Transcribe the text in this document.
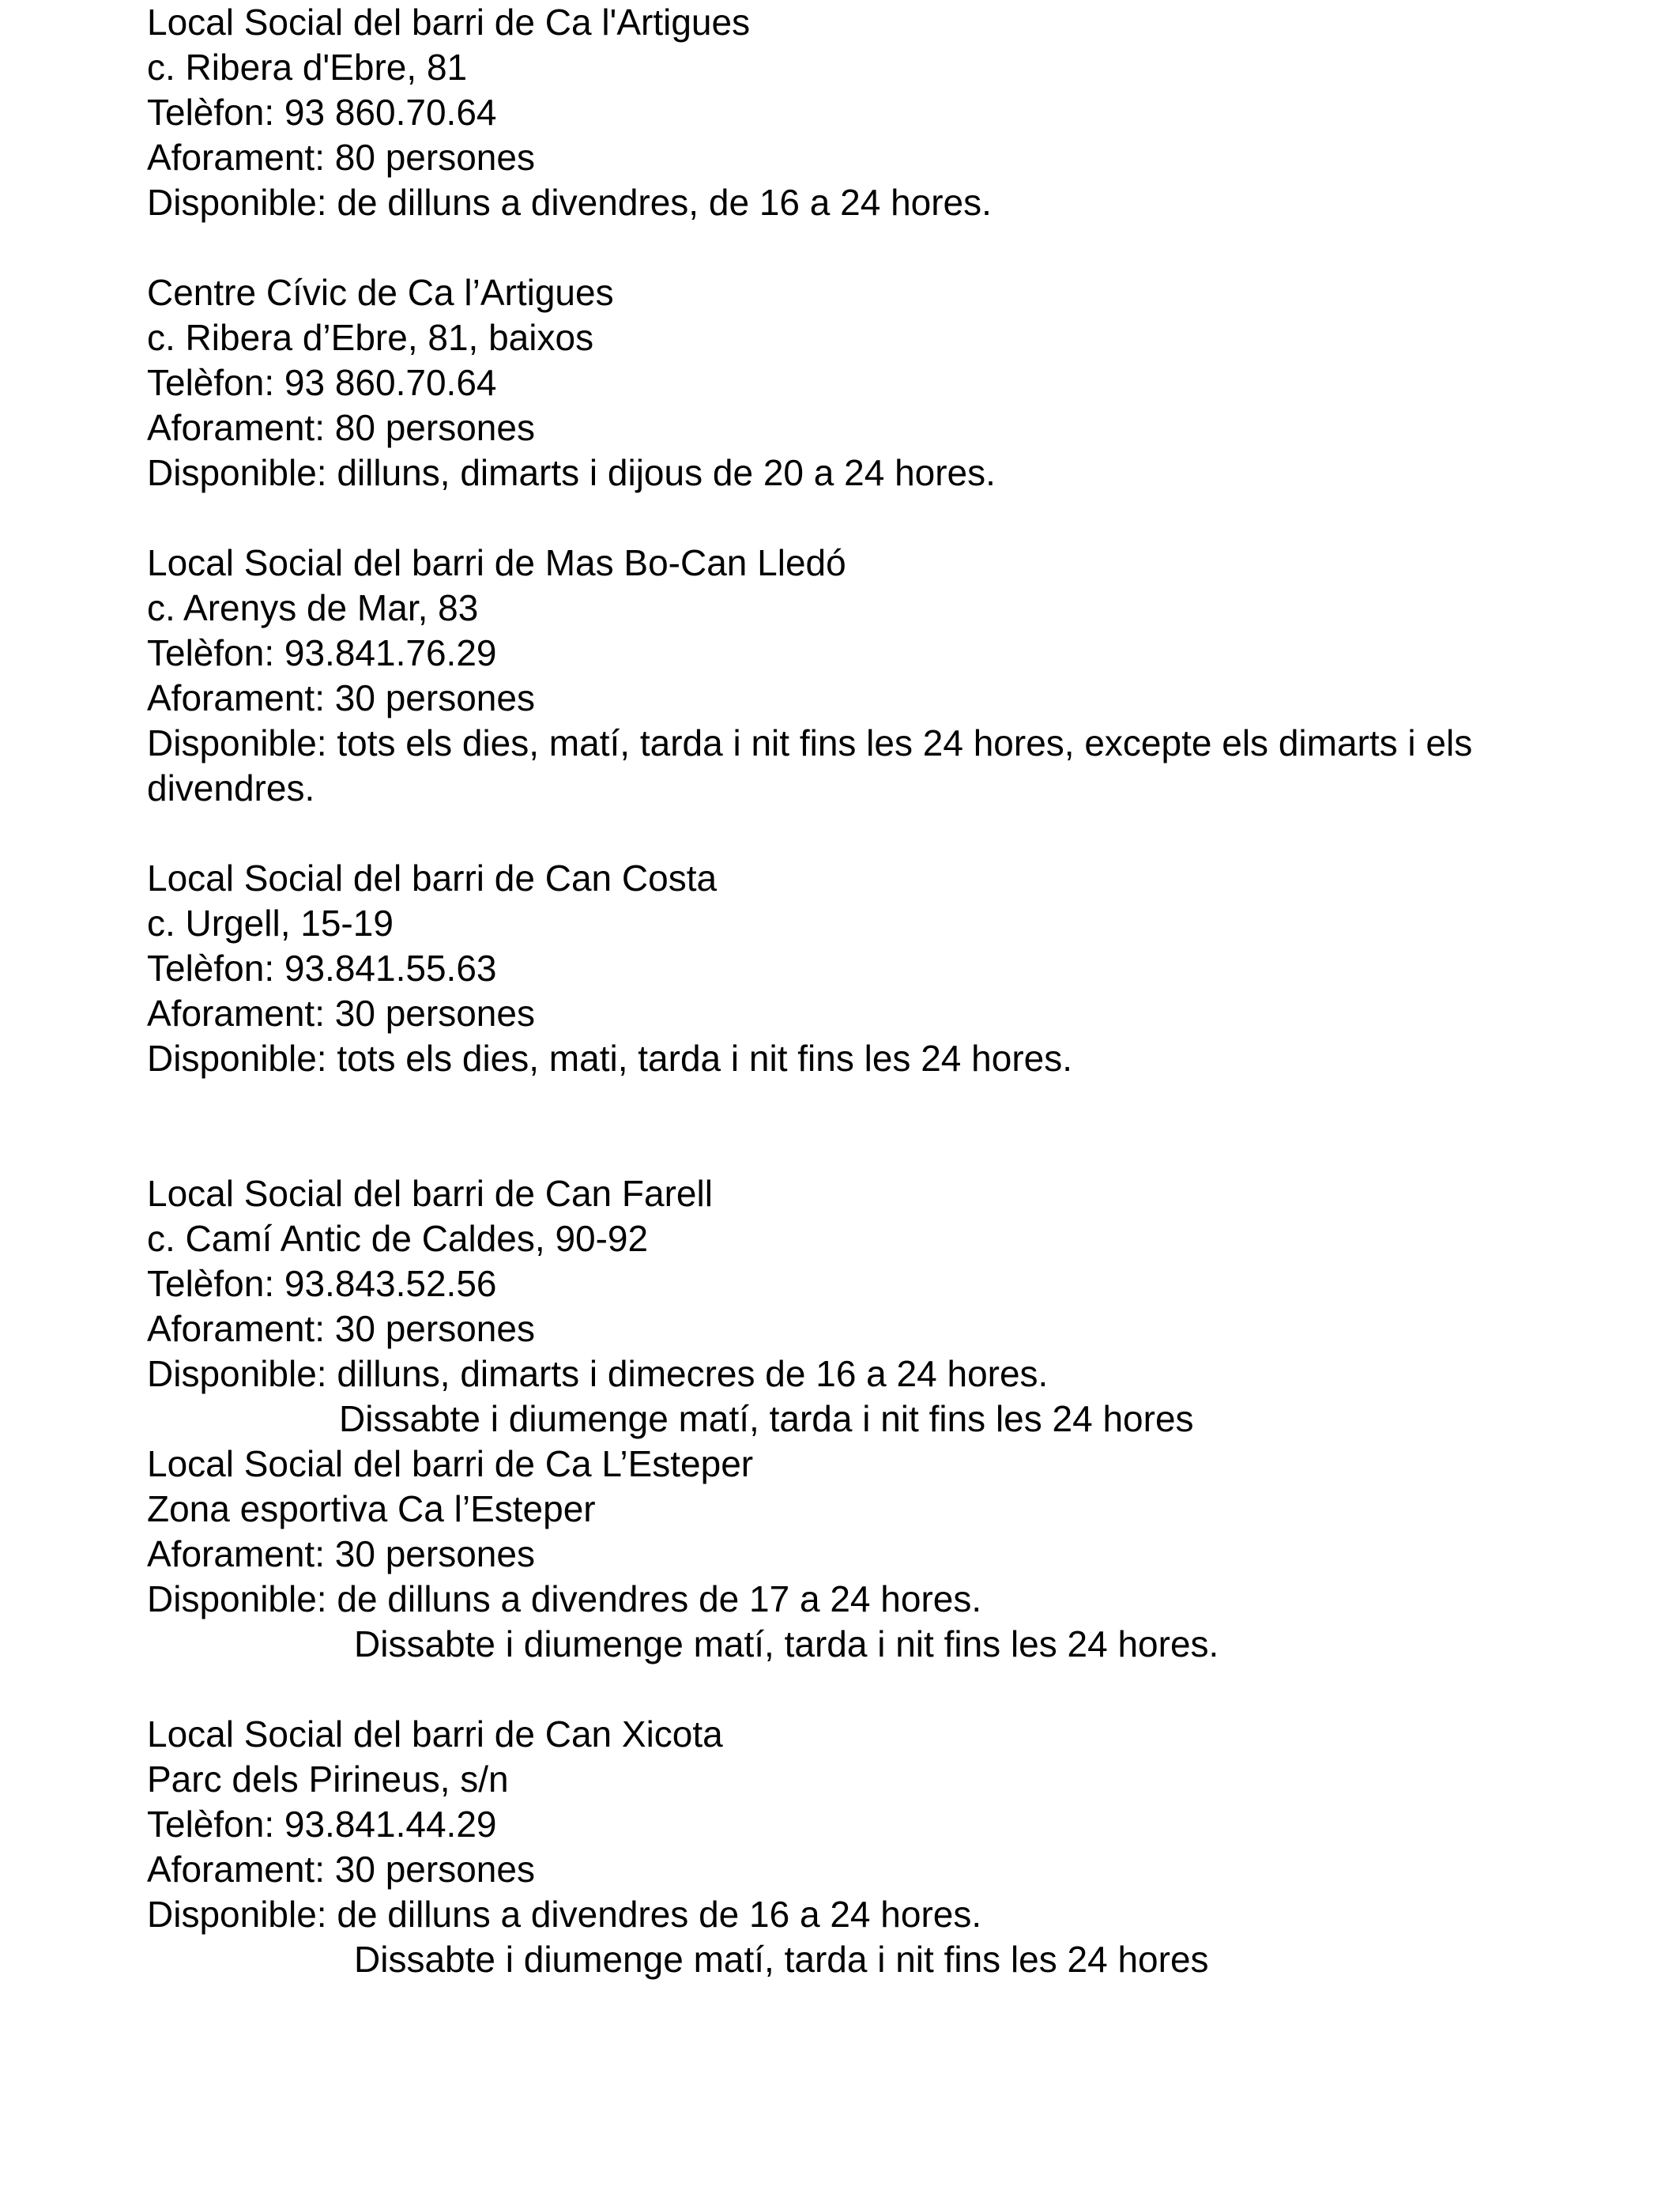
Local Social del barri de Ca l'Artigues
c. Ribera d'Ebre, 81
Telèfon: 93 860.70.64
Aforament: 80 persones
Disponible: de dilluns a divendres, de 16 a 24 hores.
Centre Cívic de Ca l’Artigues
c. Ribera d’Ebre, 81, baixos
Telèfon: 93 860.70.64
Aforament: 80 persones
Disponible: dilluns, dimarts i dijous de 20 a 24 hores.
Local Social del barri de Mas Bo-Can Lledó
c. Arenys de Mar, 83
Telèfon: 93.841.76.29
Aforament: 30 persones
Disponible: tots els dies, matí, tarda i nit fins les 24 hores, excepte els dimarts i els divendres.
Local Social del barri de Can Costa
c. Urgell, 15-19
Telèfon: 93.841.55.63
Aforament: 30 persones
Disponible: tots els dies, mati, tarda i nit fins les 24 hores.
Local Social del barri de Can Farell
c. Camí Antic de Caldes, 90-92
Telèfon: 93.843.52.56
Aforament: 30 persones
Disponible: dilluns, dimarts i dimecres de 16 a 24 hores.
Dissabte i diumenge matí, tarda i nit fins les 24 hores
Local Social del barri de Ca L’Esteper
Zona esportiva Ca l’Esteper
Aforament: 30 persones
Disponible: de dilluns a divendres de 17 a 24 hores.
Dissabte i diumenge matí, tarda i nit fins les 24 hores.
Local Social del barri de Can Xicota
Parc dels Pirineus, s/n
Telèfon: 93.841.44.29
Aforament: 30 persones
Disponible: de dilluns a divendres de 16 a 24 hores.
Dissabte i diumenge matí, tarda i nit fins les 24 hores
